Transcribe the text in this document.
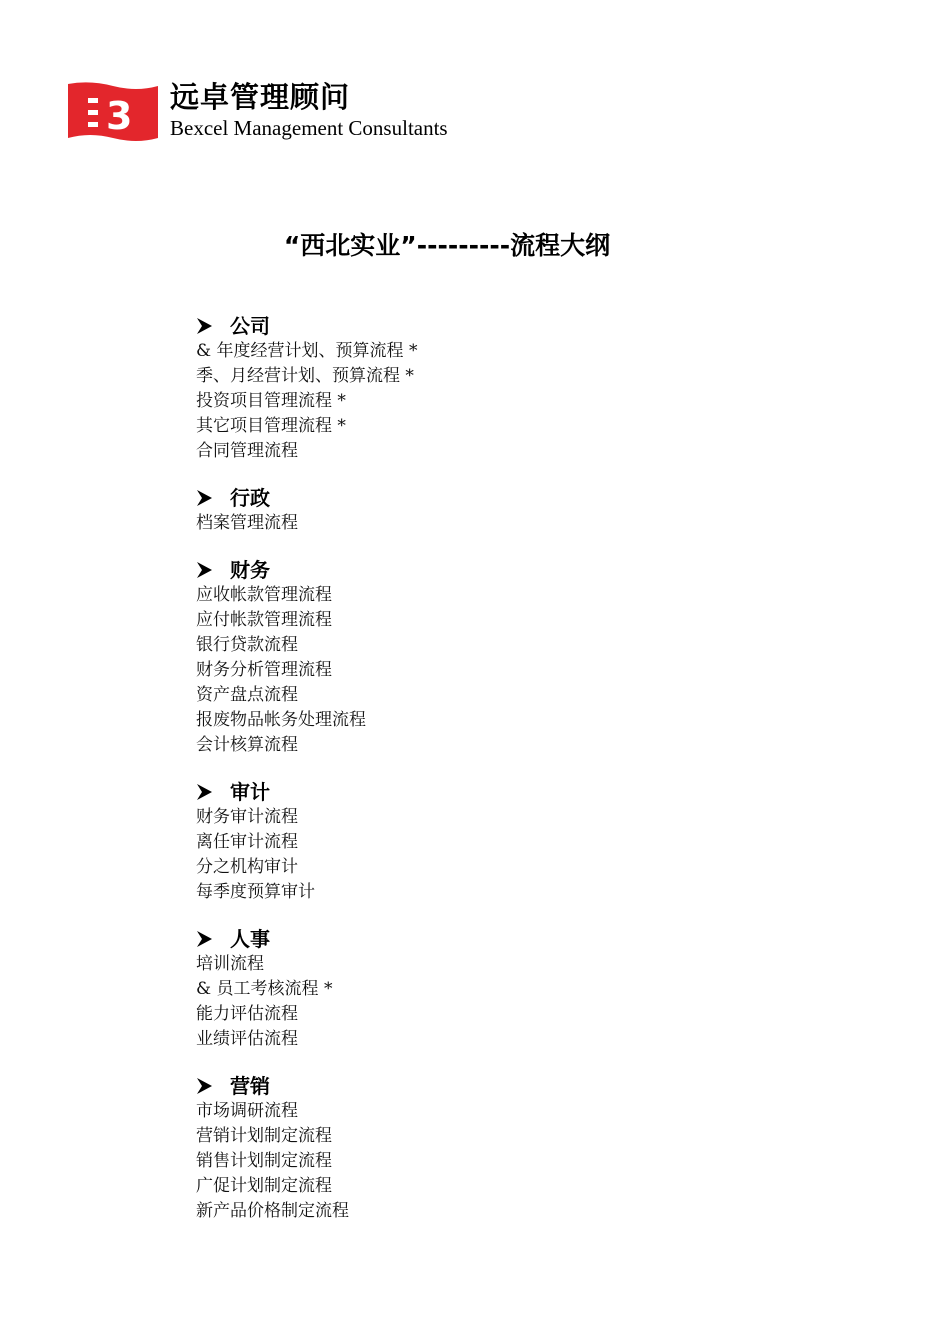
3 远卓管理顾问
Bexcel Management Consultants
“西北实业”---------流程大纲
公司
& 年度经营计划、预算流程 *
季、月经营计划、预算流程 *
投资项目管理流程 *
其它项目管理流程 *
合同管理流程
行政
档案管理流程
财务
应收帐款管理流程
应付帐款管理流程
银行贷款流程
财务分析管理流程
资产盘点流程
报废物品帐务处理流程
会计核算流程
审计
财务审计流程
离任审计流程
分之机构审计
每季度预算审计
人事
培训流程
& 员工考核流程 *
能力评估流程
业绩评估流程
营销
市场调研流程
营销计划制定流程
销售计划制定流程
广促计划制定流程
新产品价格制定流程
